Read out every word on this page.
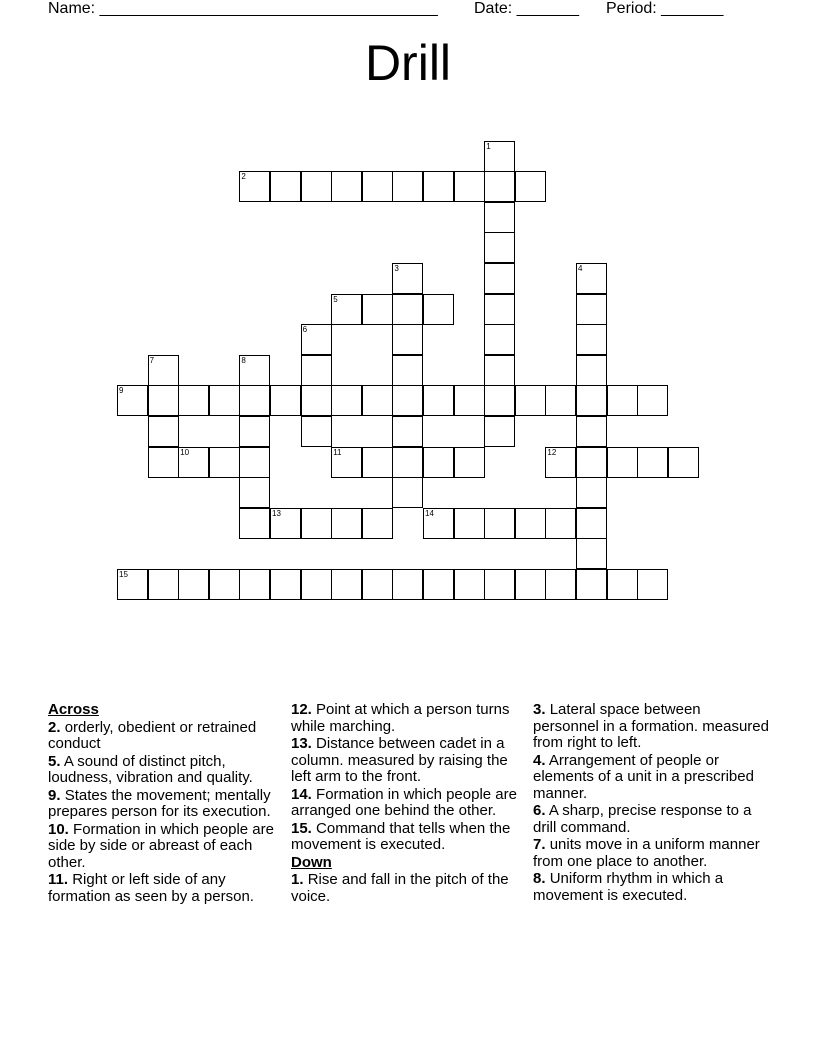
Name: ______________________________________ Date: _______ Period: _______
Drill
1
2
3	4
5
6
7	8
9
10	11	12
13	14
15
Across
2. orderly, obedient or retrained conduct
5. A sound of distinct pitch, loudness, vibration and quality.
9. States the movement; mentally prepares person for its execution.
10. Formation in which people are side by side or abreast of each other.
11. Right or left side of any formation as seen by a person.
12. Point at which a person turns while marching.
13. Distance between cadet in a column. measured by raising the left arm to the front.
14. Formation in which people are arranged one behind the other.
15. Command that tells when the movement is executed.
Down
1. Rise and fall in the pitch of the voice.
3. Lateral space between personnel in a formation. measured from right to left.
4. Arrangement of people or elements of a unit in a prescribed manner.
6. A sharp, precise response to a drill command.
7. units move in a uniform manner from one place to another.
8. Uniform rhythm in which a movement is executed.
